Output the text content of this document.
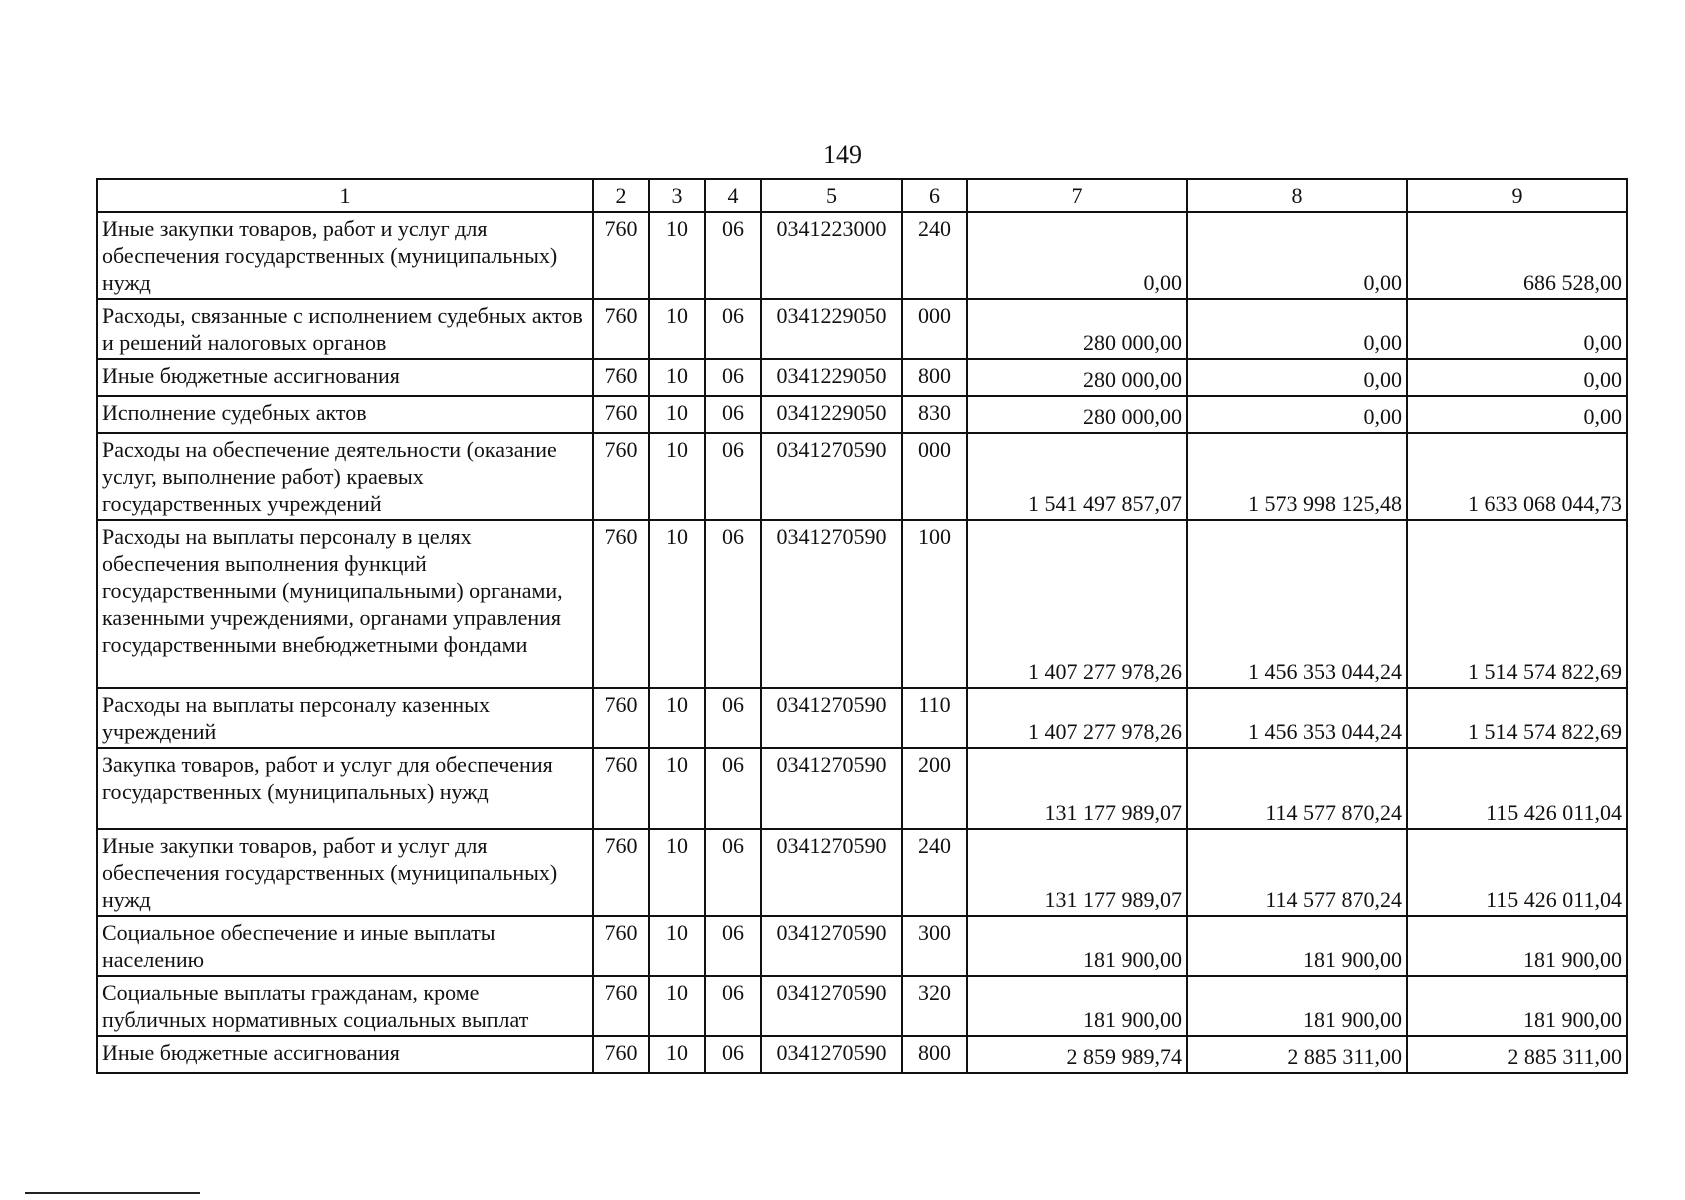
149
1	2	3	4	5	6	7	8	9
Иные закупки товаров, работ и услуг для обеспечения государственных (муниципальных) нужд	760	10	06	0341223000	240	0,00	0,00	686 528,00
Расходы, связанные с исполнением судебных актов и решений налоговых органов	760	10	06	0341229050	000	280 000,00	0,00	0,00
Иные бюджетные ассигнования	760	10	06	0341229050	800	280 000,00	0,00	0,00
Исполнение судебных актов	760	10	06	0341229050	830	280 000,00	0,00	0,00
Расходы на обеспечение деятельности (оказание услуг, выполнение работ) краевых государственных учреждений	760	10	06	0341270590	000	1 541 497 857,07	1 573 998 125,48	1 633 068 044,73
Расходы на выплаты персоналу в целях обеспечения выполнения функций государственными (муниципальными) органами, казенными учреждениями, органами управления государственными внебюджетными фондами	760	10	06	0341270590	100	1 407 277 978,26	1 456 353 044,24	1 514 574 822,69
Расходы на выплаты персоналу казенных учреждений	760	10	06	0341270590	110	1 407 277 978,26	1 456 353 044,24	1 514 574 822,69
Закупка товаров, работ и услуг для обеспечения государственных (муниципальных) нужд	760	10	06	0341270590	200	131 177 989,07	114 577 870,24	115 426 011,04
Иные закупки товаров, работ и услуг для обеспечения государственных (муниципальных) нужд	760	10	06	0341270590	240	131 177 989,07	114 577 870,24	115 426 011,04
Социальное обеспечение и иные выплаты населению	760	10	06	0341270590	300	181 900,00	181 900,00	181 900,00
Социальные выплаты гражданам, кроме публичных нормативных социальных выплат	760	10	06	0341270590	320	181 900,00	181 900,00	181 900,00
Иные бюджетные ассигнования	760	10	06	0341270590	800	2 859 989,74	2 885 311,00	2 885 311,00
